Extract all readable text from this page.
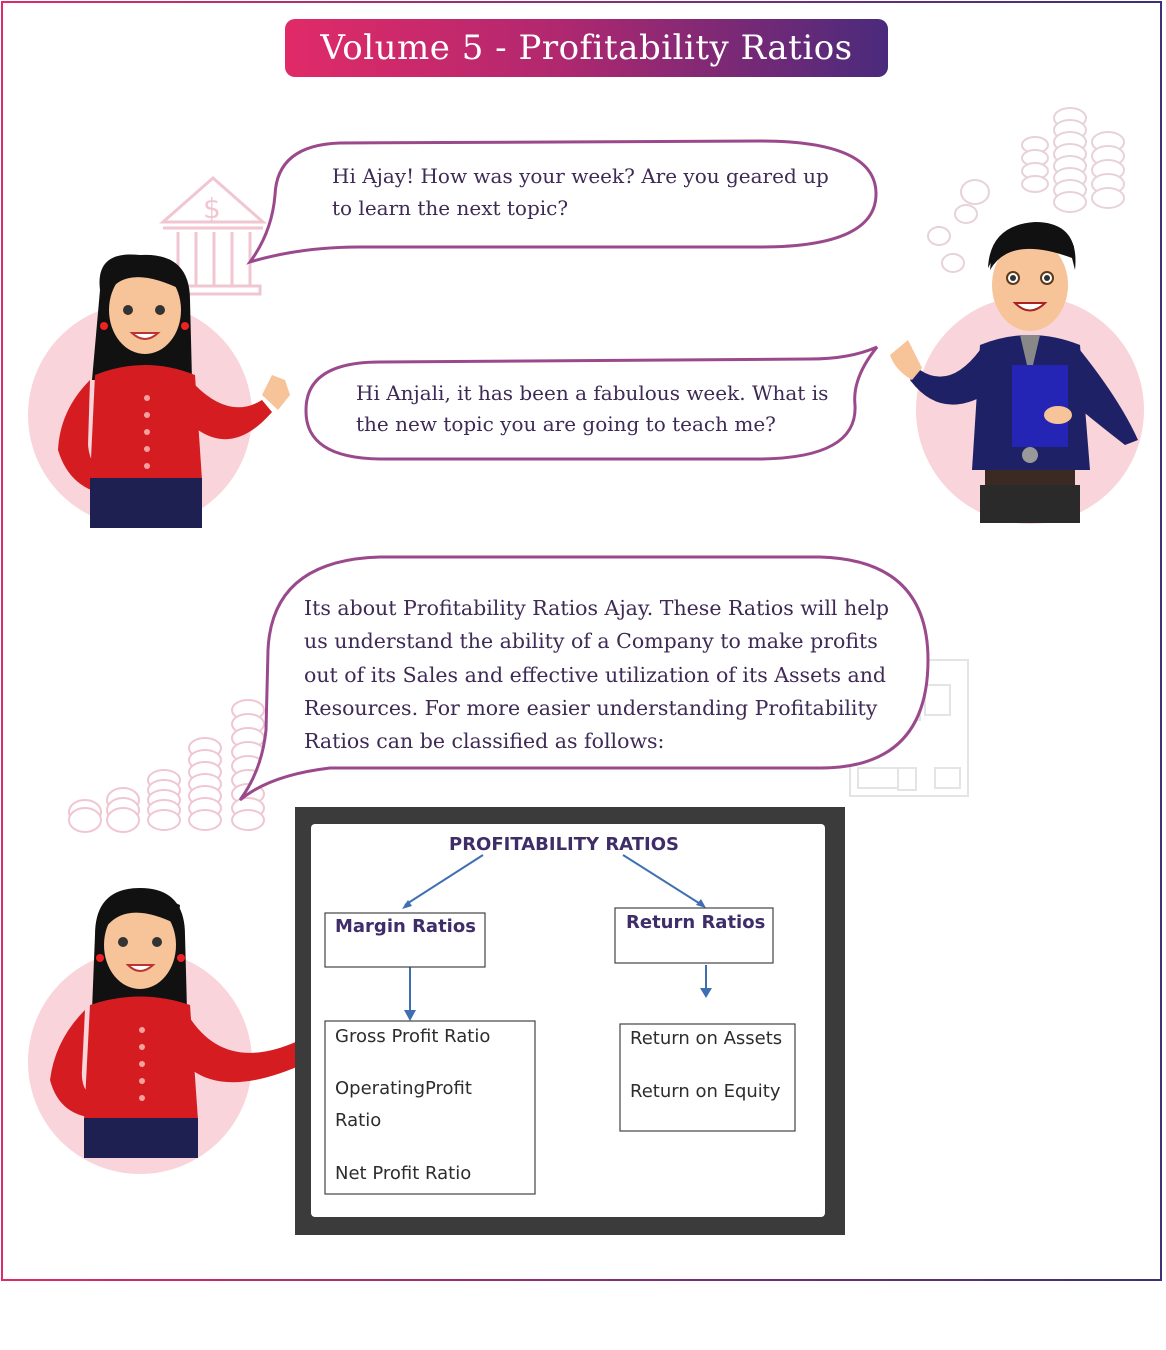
Volume 5 - Profitability Ratios
$
Hi Ajay! How was your week? Are you geared up to learn the next topic?
Hi Anjali, it has been a fabulous week. What is the new topic you are going to teach me?
Its about Profitability Ratios Ajay. These Ratios will help us understand the ability of a Company to make profits out of its Sales and effective utilization of its Assets and Resources. For more easier understanding Profitability Ratios can be classified as follows:
PROFITABILITY RATIOS
Margin Ratios	Return Ratios
Gross Profit Ratio
OperatingProfit
Ratio
Net Profit Ratio
Return on Assets
Return on Equity
